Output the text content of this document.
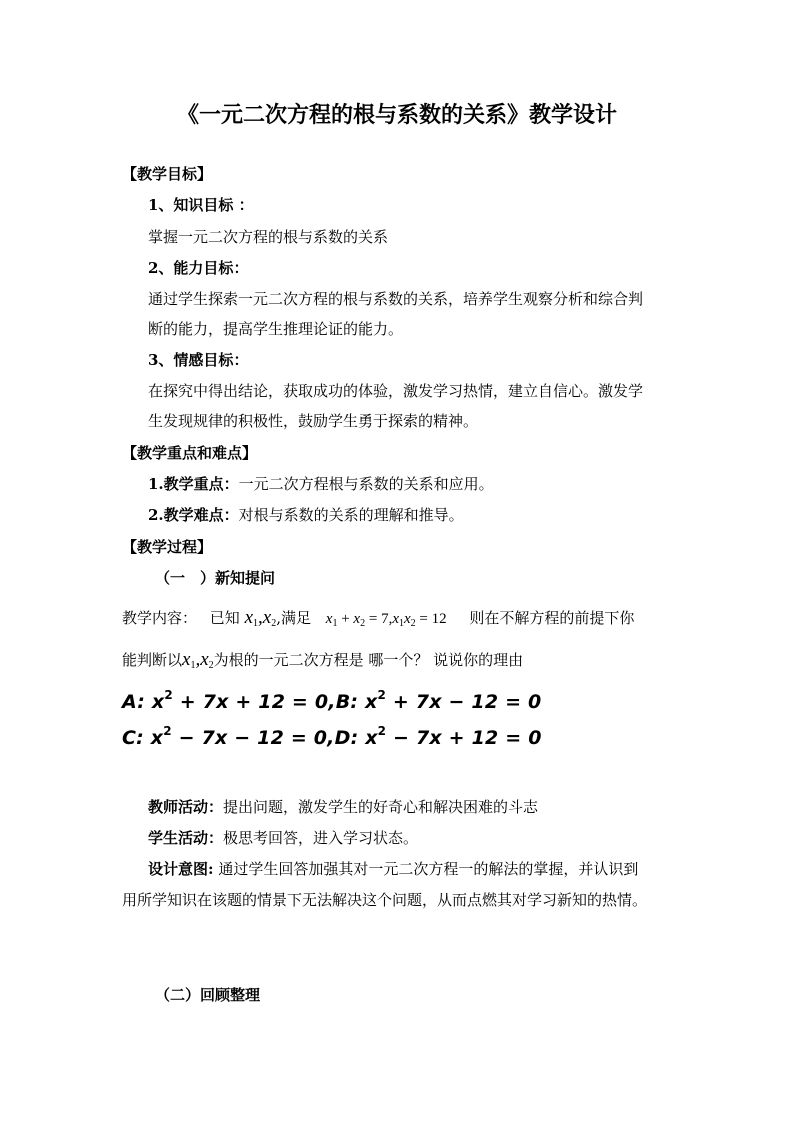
《一元二次方程的根与系数的关系》教学设计
【教学目标】
1、知识目标 ：
掌握一元二次方程的根与系数的关系
2、能力目标：
通过学生探索一元二次方程的根与系数的关系，培养学生观察分析和综合判
断的能力，提高学生推理论证的能力。
3、情感目标：
在探究中得出结论，获取成功的体验，激发学习热情，建立自信心。激发学
生发现规律的积极性，鼓励学生勇于探索的精神。
【教学重点和难点】
1.教学重点：一元二次方程根与系数的关系和应用。
2.教学难点：对根与系数的关系的理解和推导。
【教学过程】
（一　）新知提问
教学内容： 已知 $x_1,x_2$,满足 $x_1 + x_2 = 7,x_1x_2 = 12$ 则在不解方程的前提下你
能判断以$x_1,x_2$为根的一元二次方程是 哪一个？ 说说你的理由
A: $x^2 + 7x + 12 = 0,B$: $x^2 + 7x - 12 = 0$
C: $x^2 - 7x - 12 = 0,D$: $x^2 - 7x + 12 = 0$
教师活动：提出问题，激发学生的好奇心和解决困难的斗志
学生活动：极思考回答，进入学习状态。
设计意图: 通过学生回答加强其对一元二次方程一的解法的掌握，并认识到
用所学知识在该题的情景下无法解决这个问题，从而点燃其对学习新知的热情。
（二）回顾整理
